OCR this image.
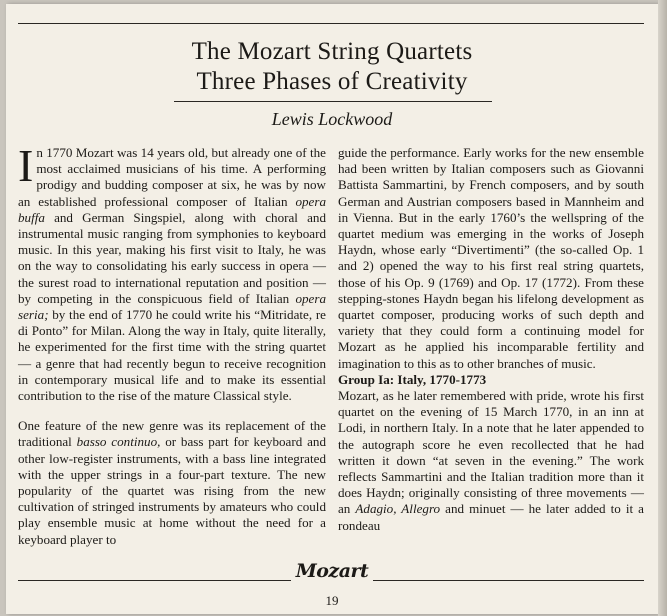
The Mozart String Quartets
Three Phases of Creativity
Lewis Lockwood

In 1770 Mozart was 14 years old, but already one of the most acclaimed musicians of his time. A performing prodigy and budding composer at six, he was by now an established professional composer of Italian opera buffa and German Singspiel, along with choral and instrumental music ranging from symphonies to keyboard music. In this year, making his first visit to Italy, he was on the way to consolidating his early success in opera — the surest road to international reputation and position — by competing in the conspicuous field of Italian opera seria; by the end of 1770 he could write his “Mitridate, re di Ponto” for Milan. Along the way in Italy, quite literally, he experimented for the first time with the string quartet — a genre that had recently begun to receive recognition in contemporary musical life and to make its essential contribution to the rise of the mature Classical style.

One feature of the new genre was its replacement of the traditional basso continuo, or bass part for keyboard and other low-register instruments, with a bass line integrated with the upper strings in a four-part texture. The new popularity of the quartet was rising from the new cultivation of stringed instruments by amateurs who could play ensemble music at home without the need for a keyboard player to

guide the performance. Early works for the new ensemble had been written by Italian composers such as Giovanni Battista Sammartini, by French composers, and by south German and Austrian composers based in Mannheim and in Vienna. But in the early 1760’s the wellspring of the quartet medium was emerging in the works of Joseph Haydn, whose early “Divertimenti” (the so-called Op. 1 and 2) opened the way to his first real string quartets, those of his Op. 9 (1769) and Op. 17 (1772). From these stepping-stones Haydn began his lifelong development as quartet composer, producing works of such depth and variety that they could form a continuing model for Mozart as he applied his incomparable fertility and imagination to this as to other branches of music.

Group Ia: Italy, 1770-1773

Mozart, as he later remembered with pride, wrote his first quartet on the evening of 15 March 1770, in an inn at Lodi, in northern Italy. In a note that he later appended to the autograph score he even recollected that he had written it down “at seven in the evening.” The work reflects Sammartini and the Italian tradition more than it does Haydn; originally consisting of three movements — an Adagio, Allegro and minuet — he later added to it a rondeau

Mozart
19
